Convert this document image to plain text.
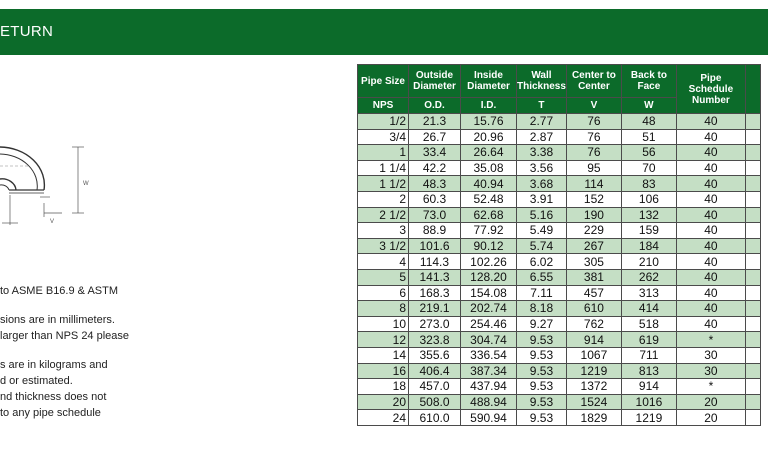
ETURN
W
V

to ASME B16.9 & ASTM

sions are in millimeters.

larger than NPS 24 please

s are in kilograms and

d or estimated.

nd thickness does not

to any pipe schedule

Pipe Size	Outside Diameter	Inside Diameter	Wall Thickness	Center to Center	Back to Face	Pipe Schedule Number	
NPS	O.D.	I.D.	T	V	W		
1/2	21.3	15.76	2.77	76	48	40	
3/4	26.7	20.96	2.87	76	51	40	
1	33.4	26.64	3.38	76	56	40	
1 1/4	42.2	35.08	3.56	95	70	40	
1 1/2	48.3	40.94	3.68	114	83	40	
2	60.3	52.48	3.91	152	106	40	
2 1/2	73.0	62.68	5.16	190	132	40	
3	88.9	77.92	5.49	229	159	40	
3 1/2	101.6	90.12	5.74	267	184	40	
4	114.3	102.26	6.02	305	210	40	
5	141.3	128.20	6.55	381	262	40	
6	168.3	154.08	7.11	457	313	40	
8	219.1	202.74	8.18	610	414	40	
10	273.0	254.46	9.27	762	518	40	
12	323.8	304.74	9.53	914	619	*	
14	355.6	336.54	9.53	1067	711	30	
16	406.4	387.34	9.53	1219	813	30	
18	457.0	437.94	9.53	1372	914	*	
20	508.0	488.94	9.53	1524	1016	20	
24	610.0	590.94	9.53	1829	1219	20	
